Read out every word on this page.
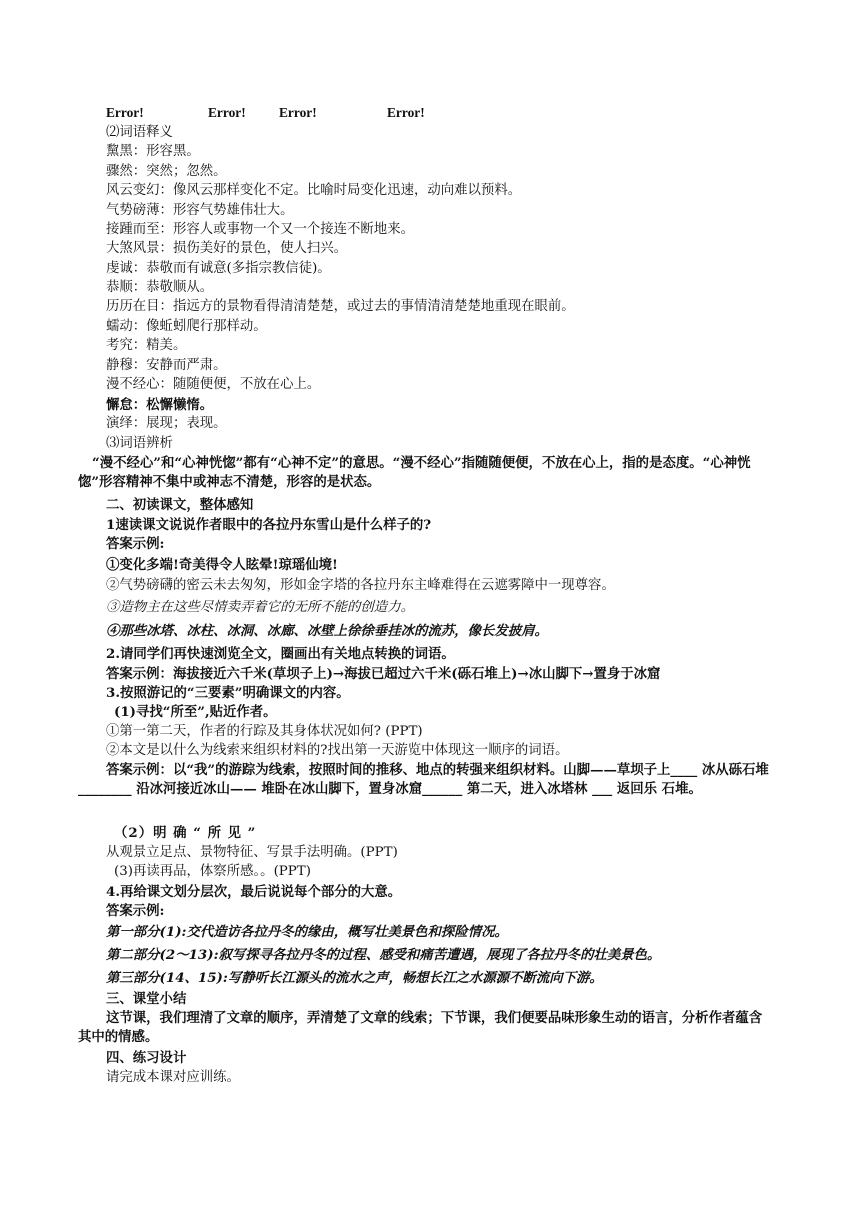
Error!	Error! Error!	Error!
⑵词语释义
黧黑：形容黑。
骤然：突然；忽然。
风云变幻：像风云那样变化不定。比喻时局变化迅速，动向难以预料。
气势磅薄：形容气势雄伟壮大。
接踵而至：形容人或事物一个又一个接连不断地来。
大煞风景：损伤美好的景色，使人扫兴。
虔诚：恭敬而有诚意(多指宗教信徒)。
恭顺：恭敬顺从。
历历在目：指远方的景物看得清清楚楚，或过去的事情清清楚楚地重现在眼前。
蠕动：像蚯蚓爬行那样动。
考究：精美。
静穆：安静而严肃。
漫不经心：随随便便，不放在心上。
懈怠：松懈懒惰。
演绎：展现；表现。
⑶词语辨析
“漫不经心”和“心神恍惚”都有“心神不定”的意思。“漫不经心”指随随便便，不放在心上，指的是态度。“心神恍惚”形容精神不集中或神志不清楚，形容的是状态。
二、初读课文，整体感知
1速读课文说说作者眼中的各拉丹东雪山是什么样子的?
答案示例:
①变化多端!奇美得令人眩晕!琼瑶仙境!
②气势磅礴的密云未去匆匆，形如金字塔的各拉丹东主峰难得在云遮雾障中一现尊容。
③造物主在这些尽情卖弄着它的无所不能的创造力。
④那些冰塔、冰柱、冰洞、冰廊、冰壁上徐徐垂挂冰的流苏，像长发披肩。
2.请同学们再快速浏览全文，圈画出有关地点转换的词语。
答案示例：海拔接近六千米(草坝子上)→海拔已超过六千米(砾石堆上)→冰山脚下→置身于冰窟
3.按照游记的“三要素”明确课文的内容。
(1)寻找“所至”,贴近作者。
①第一第二天，作者的行踪及其身体状况如何? (PPT)
②本文是以什么为线索来组织材料的?找出第一天游览中体现这一顺序的词语。
答案示例：以“我”的游踪为线索，按照时间的推移、地点的转强来组织材料。山脚——草坝子上____ 冰从砾石堆 ________ 沿冰河接近冰山—— 堆卧在冰山脚下，置身冰窟______ 第二天，进入冰塔林 ___ 返回乐 石堆。
（2）明 确 “ 所 见 ”
从观景立足点、景物特征、写景手法明确。(PPT)
(3)再读再品，体察所感。。(PPT)
4.再给课文划分层次，最后说说每个部分的大意。
答案示例:
第一部分(1):交代造访各拉丹冬的缘由，概写壮美景色和探险情况。
第二部分(2〜13):叙写探寻各拉丹冬的过程、感受和痛苦遭遇，展现了各拉丹冬的壮美景色。
第三部分(14、15):写静听长江源头的流水之声，畅想长江之水源源不断流向下游。
三、课堂小结
这节课，我们理清了文章的顺序，弄清楚了文章的线索；下节课，我们便要品味形象生动的语言，分析作者蕴含其中的情感。
四、练习设计
请完成本课对应训练。
